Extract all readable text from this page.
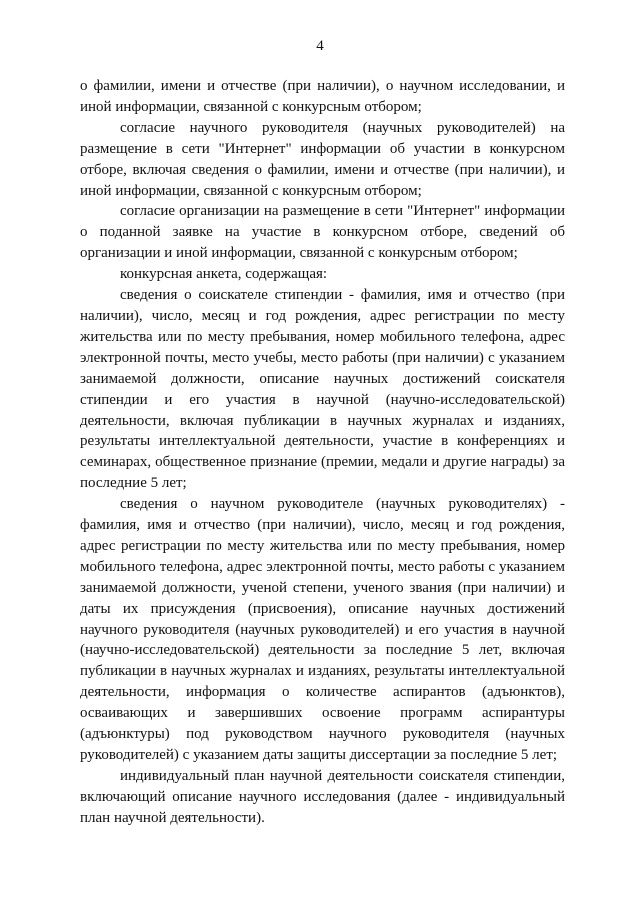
4

о фамилии, имени и отчестве (при наличии), о научном исследовании, и иной информации, связанной с конкурсным отбором;

согласие научного руководителя (научных руководителей) на размещение в сети "Интернет" информации об участии в конкурсном отборе, включая сведения о фамилии, имени и отчестве (при наличии), и иной информации, связанной с конкурсным отбором;

согласие организации на размещение в сети "Интернет" информации о поданной заявке на участие в конкурсном отборе, сведений об организации и иной информации, связанной с конкурсным отбором;

конкурсная анкета, содержащая:

сведения о соискателе стипендии - фамилия, имя и отчество (при наличии), число, месяц и год рождения, адрес регистрации по месту жительства или по месту пребывания, номер мобильного телефона, адрес электронной почты, место учебы, место работы (при наличии) с указанием занимаемой должности, описание научных достижений соискателя стипендии и его участия в научной (научно-исследовательской) деятельности, включая публикации в научных журналах и изданиях, результаты интеллектуальной деятельности, участие в конференциях и семинарах, общественное признание (премии, медали и другие награды) за последние 5 лет;

сведения о научном руководителе (научных руководителях) - фамилия, имя и отчество (при наличии), число, месяц и год рождения, адрес регистрации по месту жительства или по месту пребывания, номер мобильного телефона, адрес электронной почты, место работы с указанием занимаемой должности, ученой степени, ученого звания (при наличии) и даты их присуждения (присвоения), описание научных достижений научного руководителя (научных руководителей) и его участия в научной (научно-исследовательской) деятельности за последние 5 лет, включая публикации в научных журналах и изданиях, результаты интеллектуальной деятельности, информация о количестве аспирантов (адъюнктов), осваивающих и завершивших освоение программ аспирантуры (адъюнктуры) под руководством научного руководителя (научных руководителей) с указанием даты защиты диссертации за последние 5 лет;

индивидуальный план научной деятельности соискателя стипендии, включающий описание научного исследования (далее - индивидуальный план научной деятельности).
